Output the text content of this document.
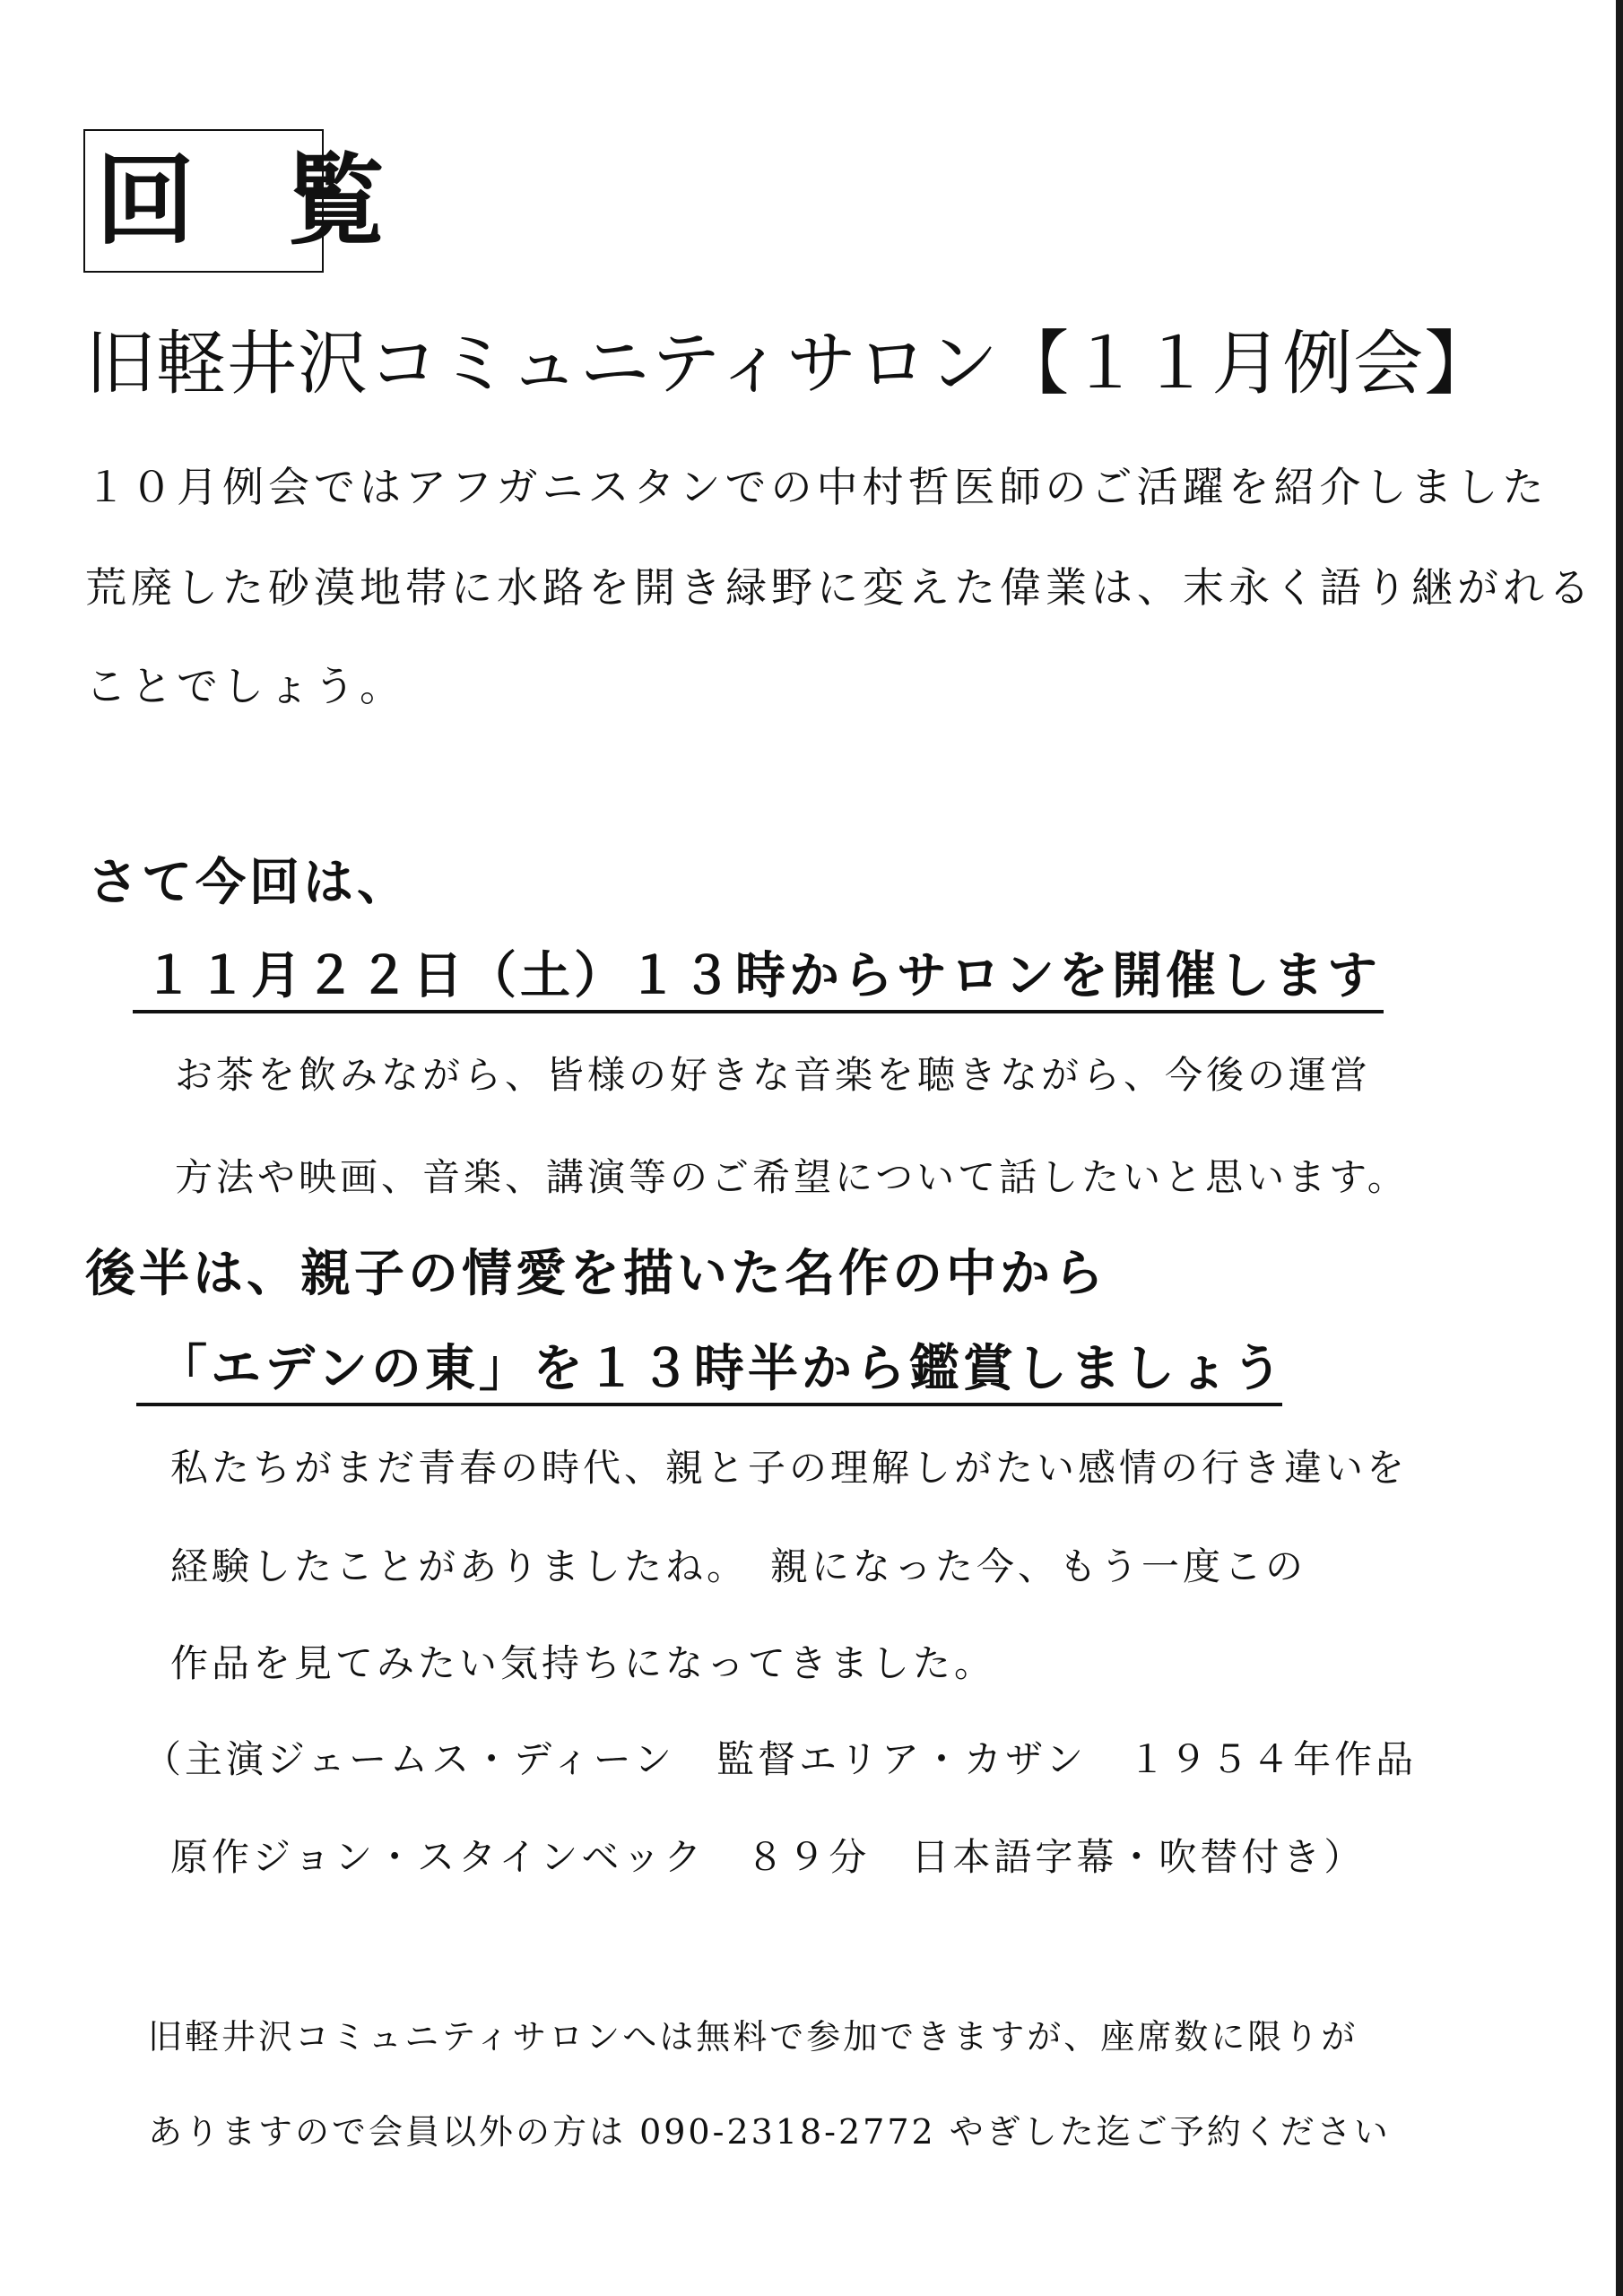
回 覧
旧軽井沢コミュニティサロン【１１月例会】
１０月例会ではアフガニスタンでの中村哲医師のご活躍を紹介しました
荒廃した砂漠地帯に水路を開き緑野に変えた偉業は、末永く語り継がれる
ことでしょう。
さて今回は、
１１月２２日（土）１３時からサロンを開催します
お茶を飲みながら、皆様の好きな音楽を聴きながら、今後の運営
方法や映画、音楽、講演等のご希望について話したいと思います。
後半は、親子の情愛を描いた名作の中から
「エデンの東」を１３時半から鑑賞しましょう
私たちがまだ青春の時代、親と子の理解しがたい感情の行き違いを
経験したことがありましたね。　親になった今、もう一度この
作品を見てみたい気持ちになってきました。
（主演ジェームス・ディーン　監督エリア・カザン　１９５４年作品
原作ジョン・スタインベック　８９分　日本語字幕・吹替付き）
旧軽井沢コミュニティサロンへは無料で参加できますが、座席数に限りが
ありますので会員以外の方は 090-2318-2772 やぎした迄ご予約ください
